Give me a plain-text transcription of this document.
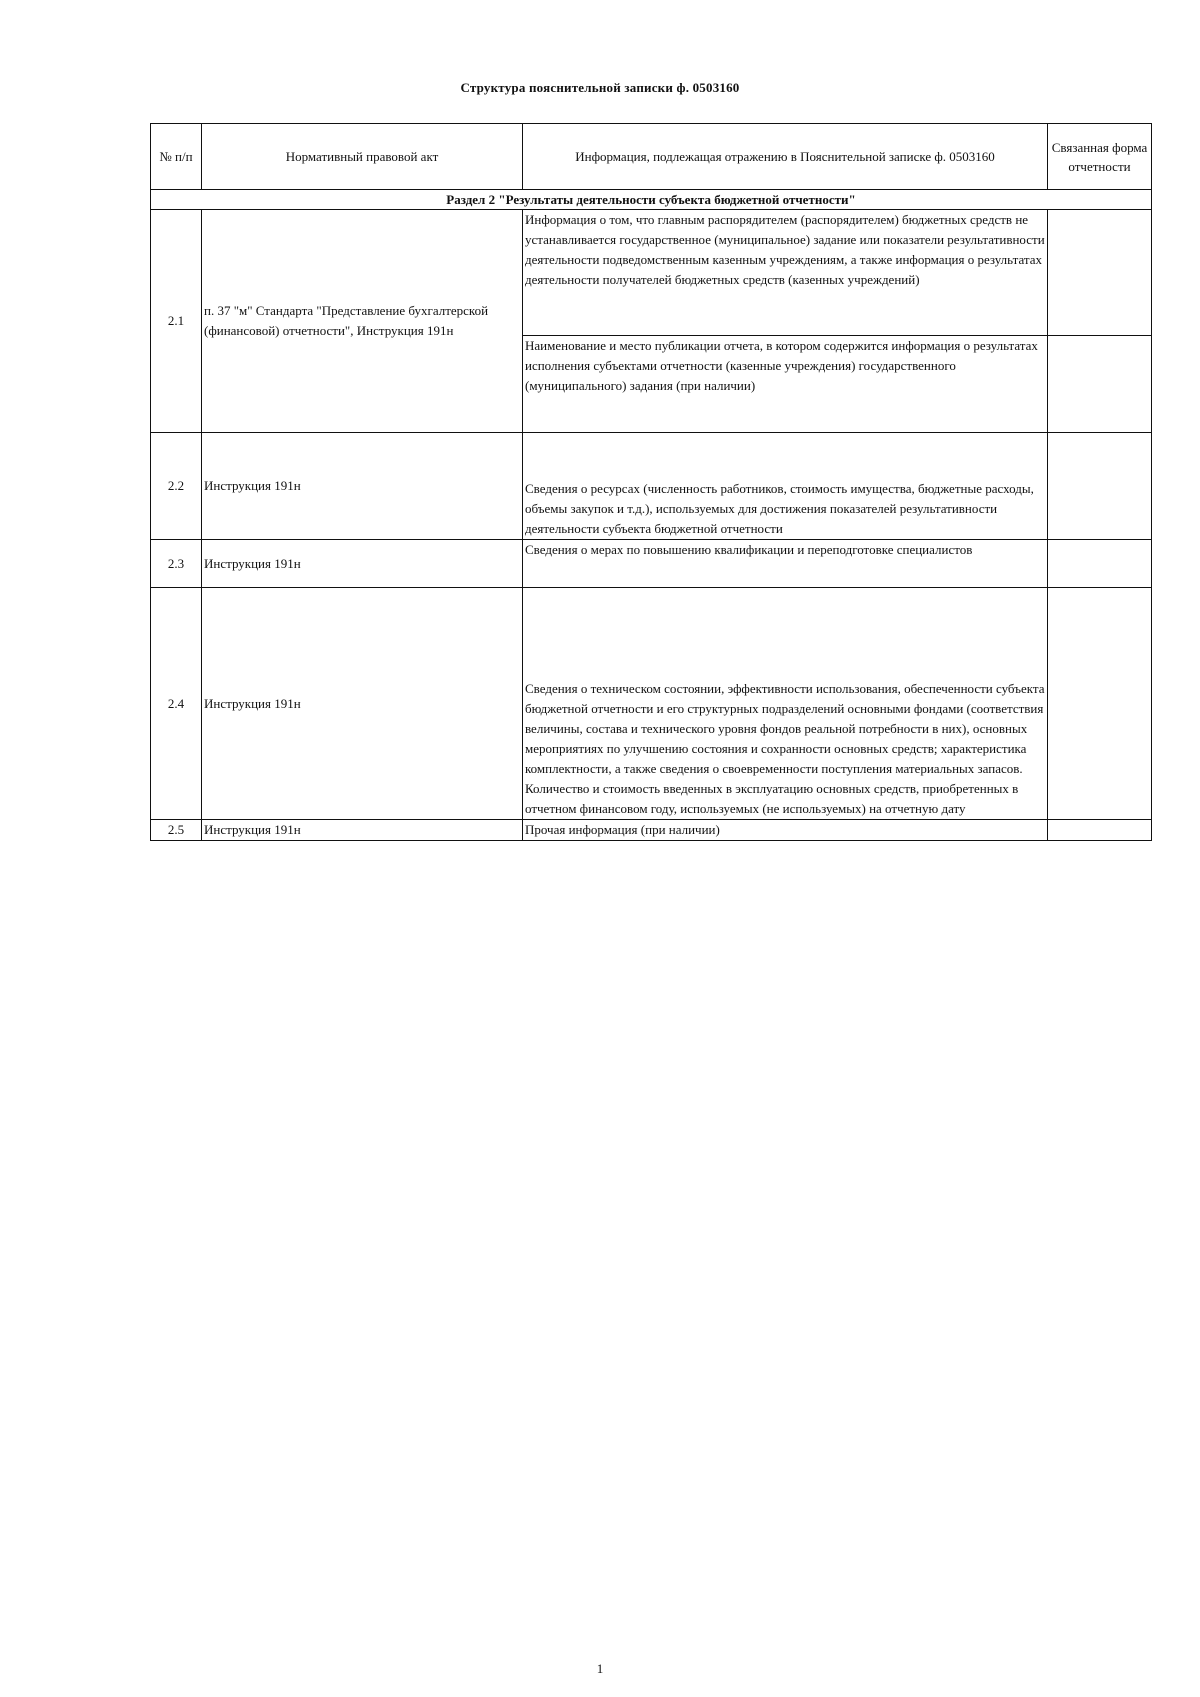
Структура пояснительной записки ф. 0503160
№ п/п	Нормативный правовой акт	Информация, подлежащая отражению в Пояснительной записке ф. 0503160	Связанная форма отчетности
Раздел 2 "Результаты деятельности субъекта бюджетной отчетности"			
2.1	п. 37 "м" Стандарта "Представление бухгалтерской (финансовой) отчетности", Инструкция 191н	Информация о том, что главным распорядителем (распорядителем) бюджетных средств не устанавливается государственное (муниципальное) задание или показатели результативности деятельности подведомственным казенным учреждениям, а также информация о результатах деятельности получателей бюджетных средств (казенных учреждений)	
		Наименование и место публикации отчета, в котором содержится информация о результатах исполнения субъектами отчетности (казенные учреждения) государственного (муниципального) задания (при наличии)	
2.2	Инструкция 191н	Сведения о ресурсах (численность работников, стоимость имущества, бюджетные расходы, объемы закупок и т.д.), используемых для достижения показателей результативности деятельности субъекта бюджетной отчетности	
2.3	Инструкция 191н	Сведения о мерах по повышению квалификации и переподготовке специалистов	
2.4	Инструкция 191н	Сведения о техническом состоянии, эффективности использования, обеспеченности субъекта бюджетной отчетности и его структурных подразделений основными фондами (соответствия величины, состава и технического уровня фондов реальной потребности в них), основных мероприятиях по улучшению состояния и сохранности основных средств; характеристика комплектности, а также сведения о своевременности поступления материальных запасов. Количество и стоимость введенных в эксплуатацию основных средств, приобретенных в отчетном финансовом году, используемых (не используемых) на отчетную дату	
2.5	Инструкция 191н	Прочая информация (при наличии)	
1
